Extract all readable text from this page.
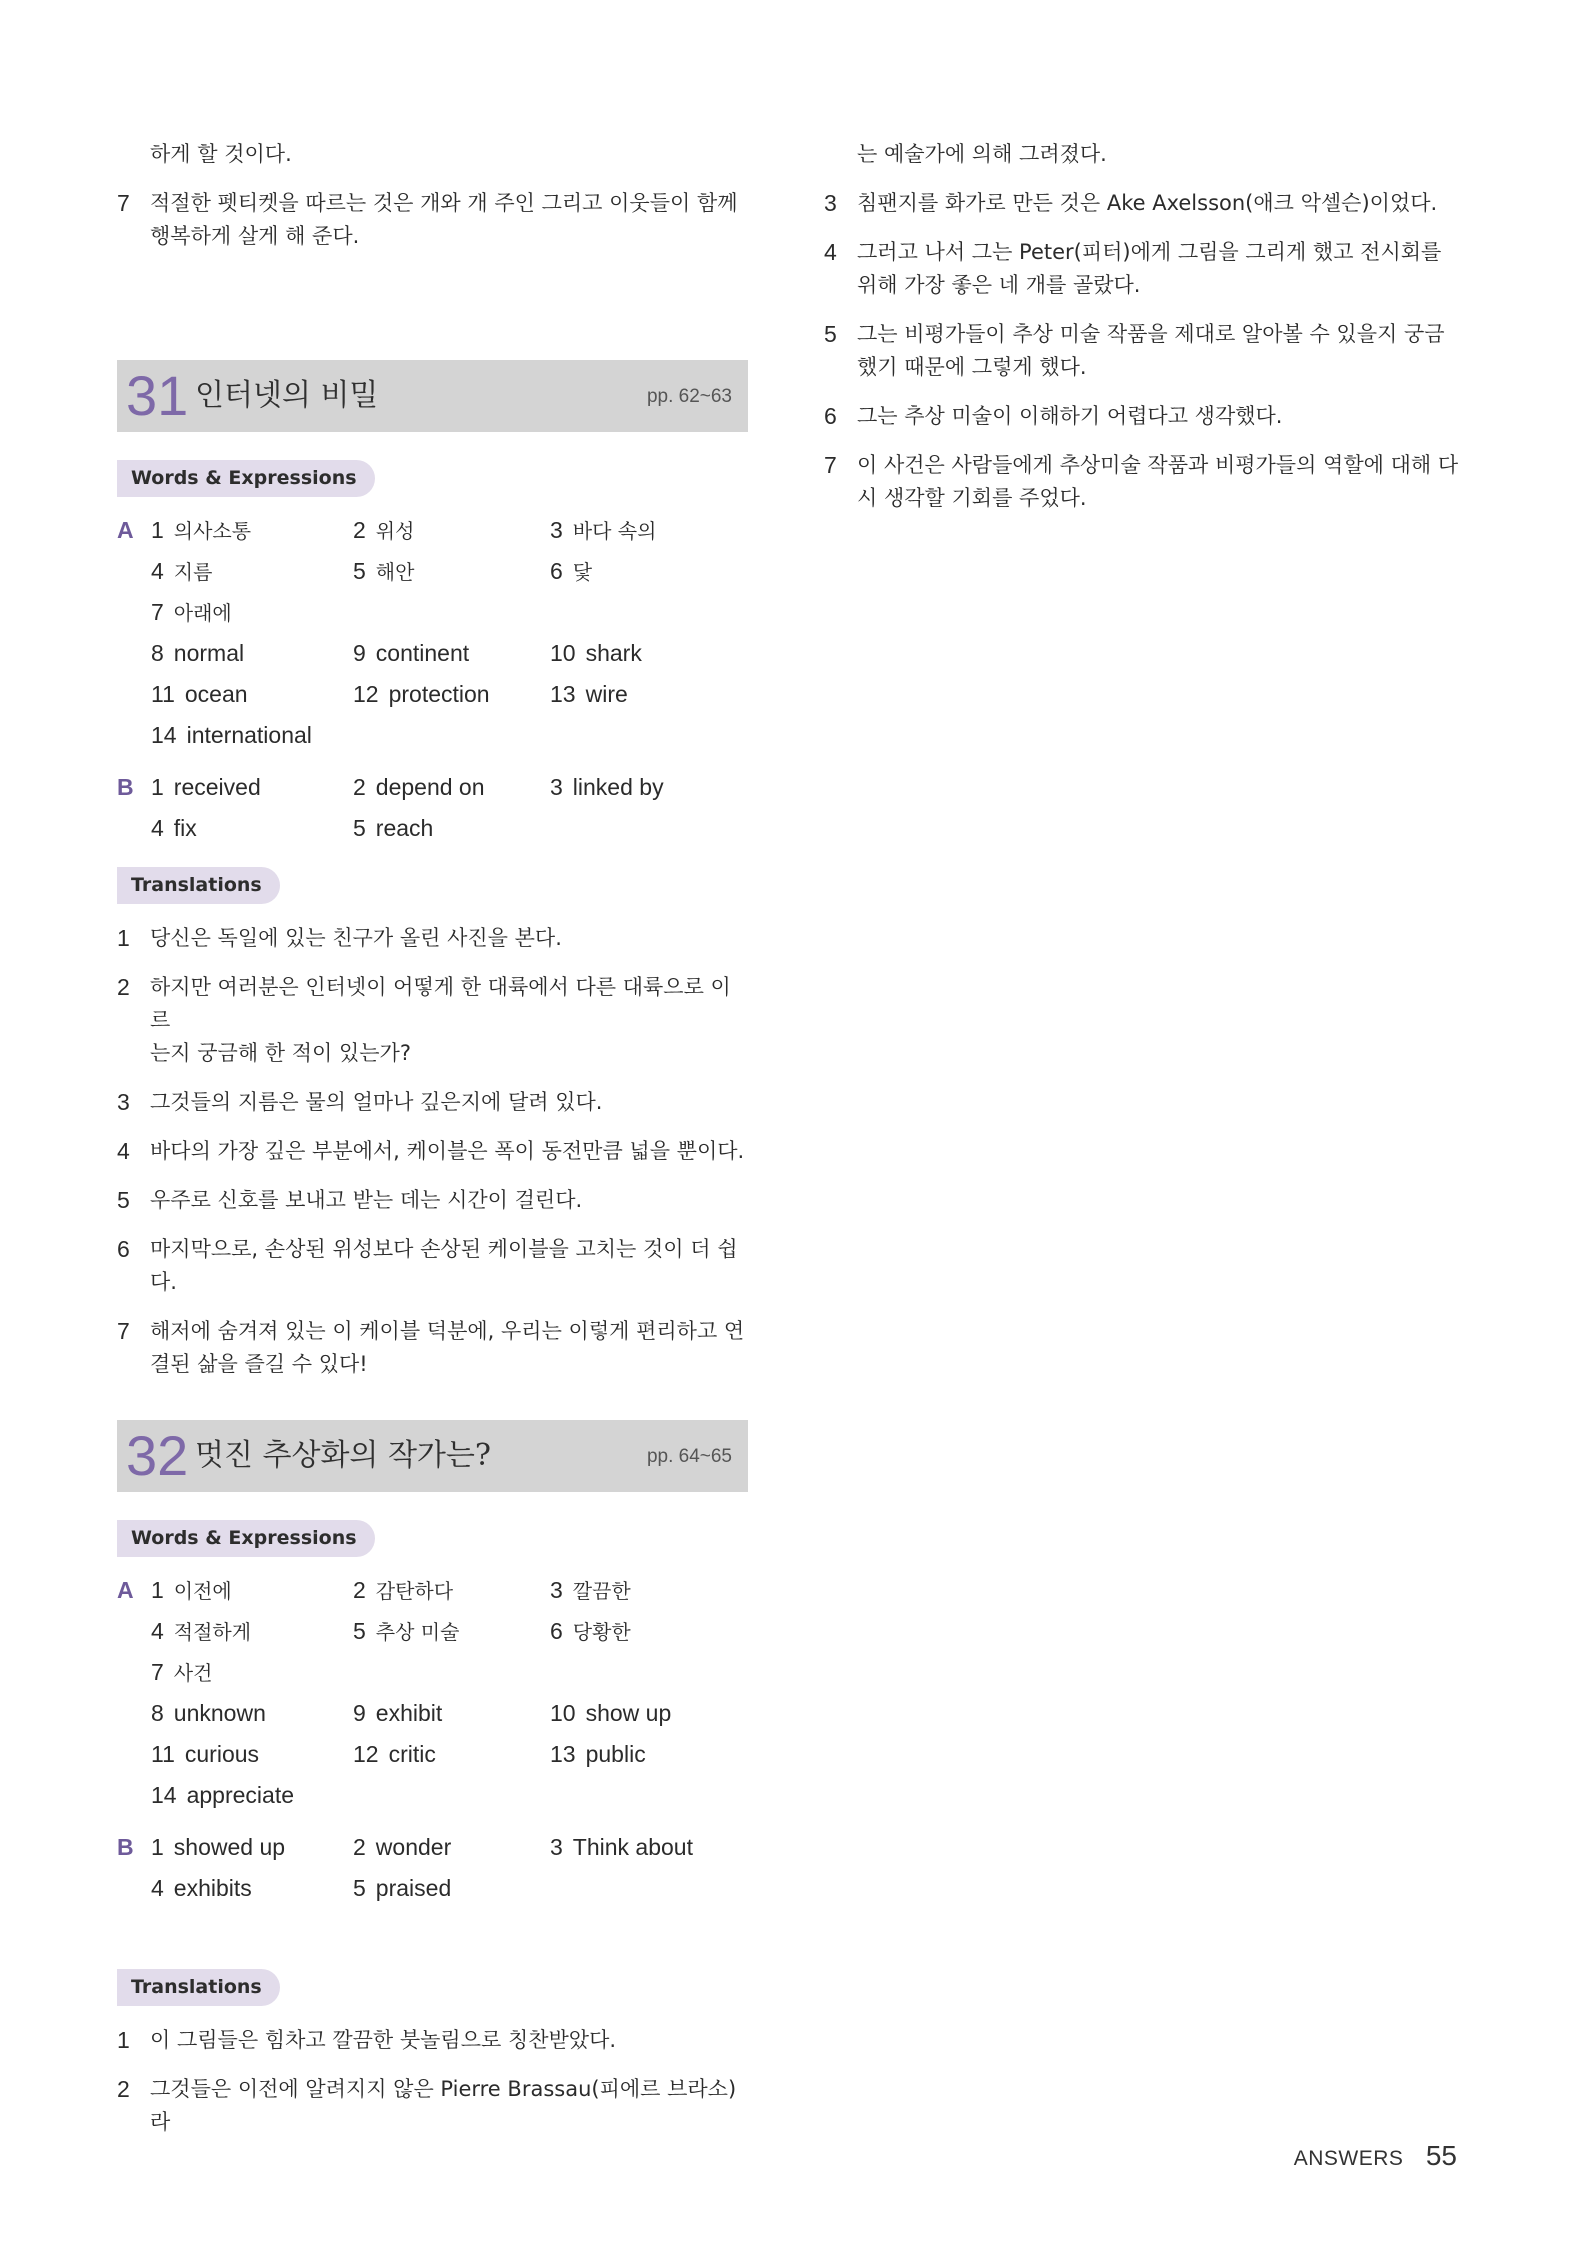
하게 할 것이다.
7 적절한 펫티켓을 따르는 것은 개와 개 주인 그리고 이웃들이 함께
행복하게 살게 해 준다.
는 예술가에 의해 그려졌다.
3 침팬지를 화가로 만든 것은 Ake Axelsson(애크 악셀슨)이었다.
4 그러고 나서 그는 Peter(피터)에게 그림을 그리게 했고 전시회를
위해 가장 좋은 네 개를 골랐다.
5 그는 비평가들이 추상 미술 작품을 제대로 알아볼 수 있을지 궁금
했기 때문에 그렇게 했다.
6 그는 추상 미술이 이해하기 어렵다고 생각했다.
7 이 사건은 사람들에게 추상미술 작품과 비평가들의 역할에 대해 다
시 생각할 기회를 주었다.
31 인터넷의 비밀	pp. 62~63
Words & Expressions
A 1 의사소통	2 위성	3 바다 속의
4 지름	5 해안	6 닻
7 아래에
8 normal	9 continent	10 shark
11 ocean	12 protection	13 wire
14 international
B 1 received	2 depend on	3 linked by
4 fix	5 reach
Translations
1 당신은 독일에 있는 친구가 올린 사진을 본다.
2 하지만 여러분은 인터넷이 어떻게 한 대륙에서 다른 대륙으로 이르
는지 궁금해 한 적이 있는가?
3 그것들의 지름은 물의 얼마나 깊은지에 달려 있다.
4 바다의 가장 깊은 부분에서, 케이블은 폭이 동전만큼 넓을 뿐이다.
5 우주로 신호를 보내고 받는 데는 시간이 걸린다.
6 마지막으로, 손상된 위성보다 손상된 케이블을 고치는 것이 더 쉽다.
7 해저에 숨겨져 있는 이 케이블 덕분에, 우리는 이렇게 편리하고 연
결된 삶을 즐길 수 있다!
32 멋진 추상화의 작가는?	pp. 64~65
Words & Expressions
A 1 이전에	2 감탄하다	3 깔끔한
4 적절하게	5 추상 미술	6 당황한
7 사건
8 unknown	9 exhibit	10 show up
11 curious	12 critic	13 public
14 appreciate
B 1 showed up	2 wonder	3 Think about
4 exhibits	5 praised
Translations
1 이 그림들은 힘차고 깔끔한 붓놀림으로 칭찬받았다.
2 그것들은 이전에 알려지지 않은 Pierre Brassau(피에르 브라소)라
ANSWERS 55
